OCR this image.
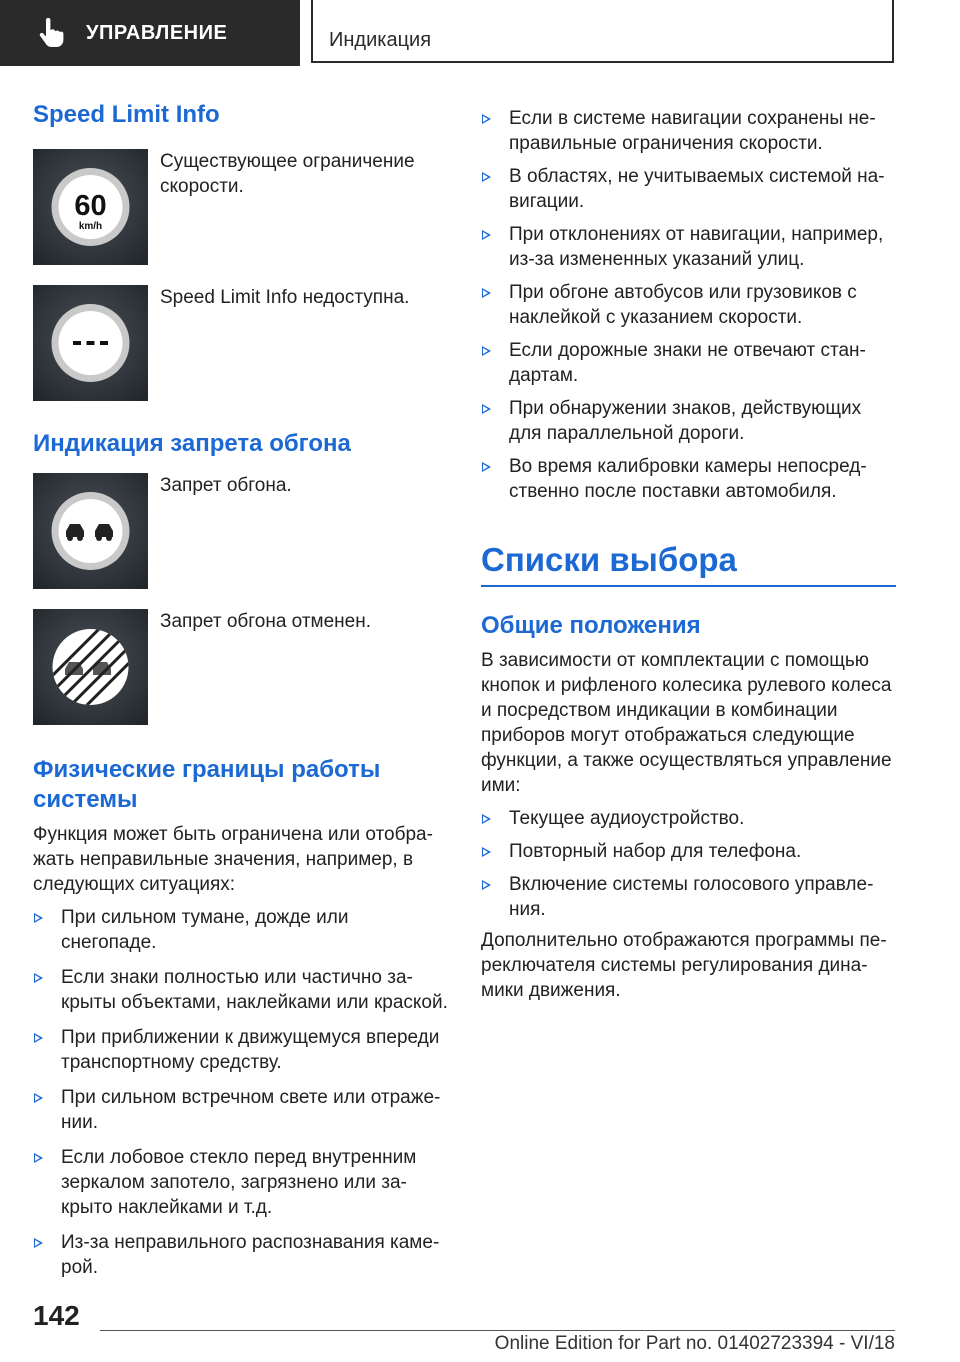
УПРАВЛЕНИЕ	Индикация
Speed Limit Info
60
km/h
Существующее ограничение скорости.
Speed Limit Info недоступна.
Индикация запрета обгона
Запрет обгона.
Запрет обгона отменен.
Физические границы работы системы

Функция может быть ограничена или отображать неправильные значения, например, в следующих ситуациях:

При сильном тумане, дожде или снегопаде.
Если знаки полностью или частично закрыты объектами, наклейками или краской.
При приближении к движущемуся впереди транспортному средству.
При сильном встречном свете или отражении.
Если лобовое стекло перед внутренним зеркалом запотело, загрязнено или закрыто наклейками и т.д.
Из-за неправильного распознавания камерой.
Если в системе навигации сохранены неправильные ограничения скорости.
В областях, не учитываемых системой навигации.
При отклонениях от навигации, например, из-за измененных указаний улиц.
При обгоне автобусов или грузовиков с наклейкой с указанием скорости.
Если дорожные знаки не отвечают стандартам.
При обнаружении знаков, действующих для параллельной дороги.
Во время калибровки камеры непосредственно после поставки автомобиля.
Списки выбора
Общие положения

В зависимости от комплектации с помощью кнопок и рифленого колесика рулевого колеса и посредством индикации в комбинации приборов могут отображаться следующие функции, а также осуществляться управление ими:

Текущее аудиоустройство.
Повторный набор для телефона.
Включение системы голосового управления.

Дополнительно отображаются программы переключателя системы регулирования динамики движения.

142
Online Edition for Part no. 01402723394 - VI/18
